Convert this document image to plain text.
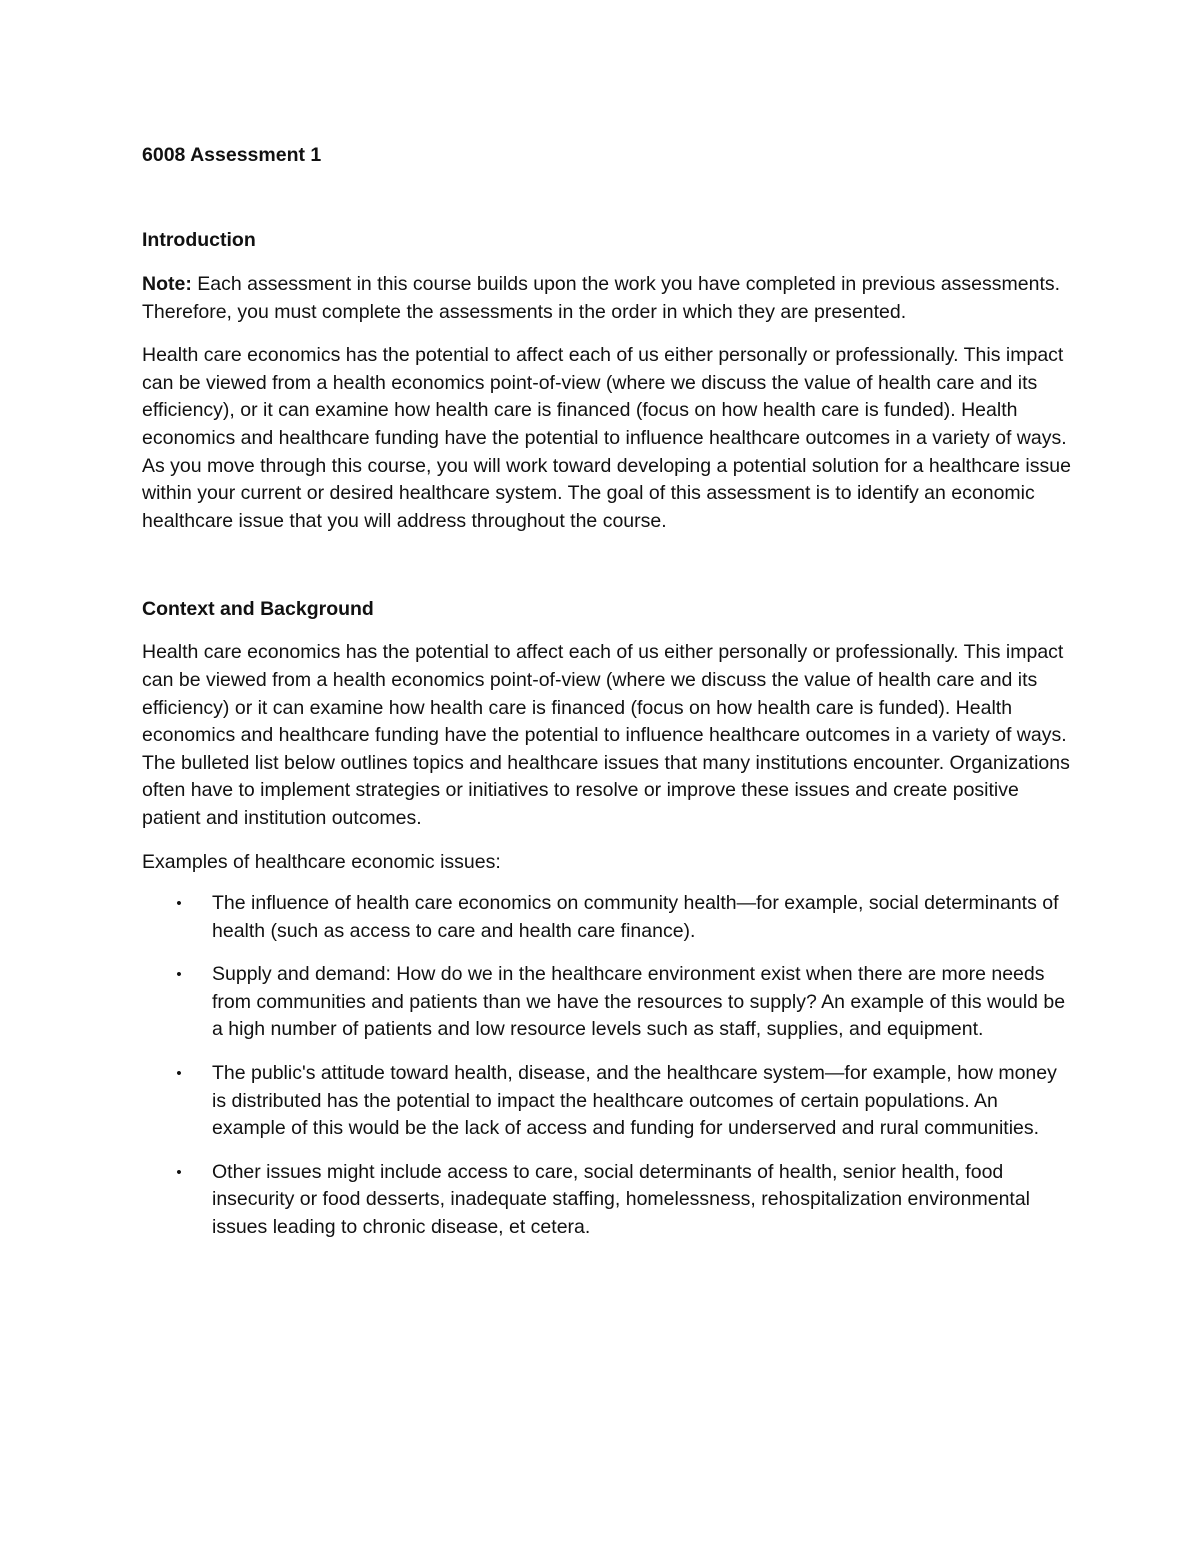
6008 Assessment 1
Introduction

Note: Each assessment in this course builds upon the work you have completed in previous assessments. Therefore, you must complete the assessments in the order in which they are presented.

Health care economics has the potential to affect each of us either personally or professionally. This impact can be viewed from a health economics point-of-view (where we discuss the value of health care and its efficiency), or it can examine how health care is financed (focus on how health care is funded). Health economics and healthcare funding have the potential to influence healthcare outcomes in a variety of ways. As you move through this course, you will work toward developing a potential solution for a healthcare issue within your current or desired healthcare system. The goal of this assessment is to identify an economic healthcare issue that you will address throughout the course.

Context and Background

Health care economics has the potential to affect each of us either personally or professionally. This impact can be viewed from a health economics point-of-view (where we discuss the value of health care and its efficiency) or it can examine how health care is financed (focus on how health care is funded). Health economics and healthcare funding have the potential to influence healthcare outcomes in a variety of ways. The bulleted list below outlines topics and healthcare issues that many institutions encounter. Organizations often have to implement strategies or initiatives to resolve or improve these issues and create positive patient and institution outcomes.

Examples of healthcare economic issues:

• The influence of health care economics on community health—for example, social determinants of health (such as access to care and health care finance).
• Supply and demand: How do we in the healthcare environment exist when there are more needs from communities and patients than we have the resources to supply? An example of this would be a high number of patients and low resource levels such as staff, supplies, and equipment.
• The public's attitude toward health, disease, and the healthcare system—for example, how money is distributed has the potential to impact the healthcare outcomes of certain populations. An example of this would be the lack of access and funding for underserved and rural communities.
• Other issues might include access to care, social determinants of health, senior health, food insecurity or food desserts, inadequate staffing, homelessness, rehospitalization environmental issues leading to chronic disease, et cetera.
